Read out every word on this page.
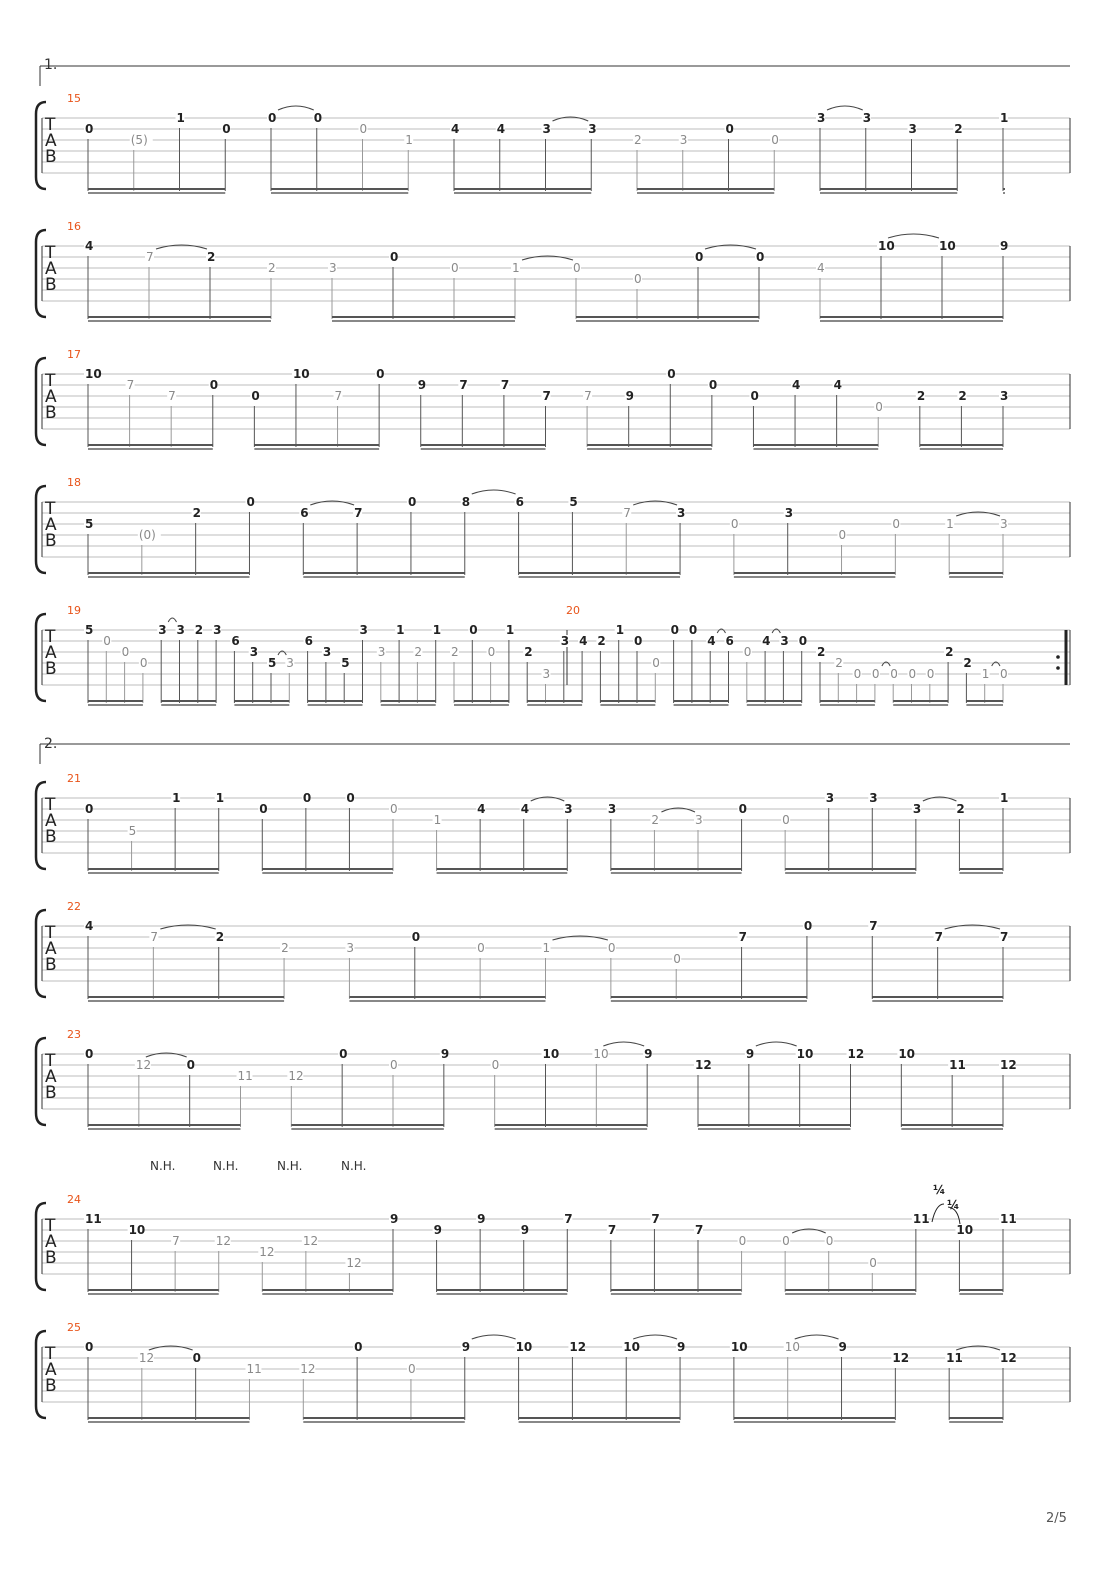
1.
2.
T
A
B
15
0
(5)
1
0
0	0
0
1
4	4	3	3
2	3
0
0
3	3
3	2
1
T
A
B
16
4
7	2
2	3
0
0	1	0
0
0	0
4
10	10	9
T
A
B
17
10
7
7
0
0
10
7
0
9	7	7
7	7	9
0
0
0
4	4
0
2	2	3
T
A
B
18
5
(0)
2
0
6	7
0	8	6	5
7	3
0
3
0
0	1	3
T
A
B
19	20
5
0
0
0
3 3 2 3
6
3
5 3
6
3
5
3
3
1
2
1
2
0
0
1
2
3
3 4 2
1
0
0
0 0
4 6
0
4 3 0
2
2
0 0 0 0 0
2
2
1 0
T
A
B
21
0
5
1	1
0
0	0
0
1
4	4	3	3
2	3
0
0
3	3
3	2
1
T
A
B
22
4
7	2
2	3
0
0	1	0
0
7
0	7
7	7
T
A
B
23
0
12	0
11	12
0
0
9
0
10	10	9
12
9	10	12	10
11	12
T
A
B
24
11
10
7	12
12
12
12
9
9
9
9
7
7
7
7
0	0	0
0
11
10
11
T
A
B
25
0
12	0
11	12
0
0
9	10	12	10	9	10	10	9
12	11	12
N.H.	N.H.	N.H.	N.H.
¼
¼
2/5
